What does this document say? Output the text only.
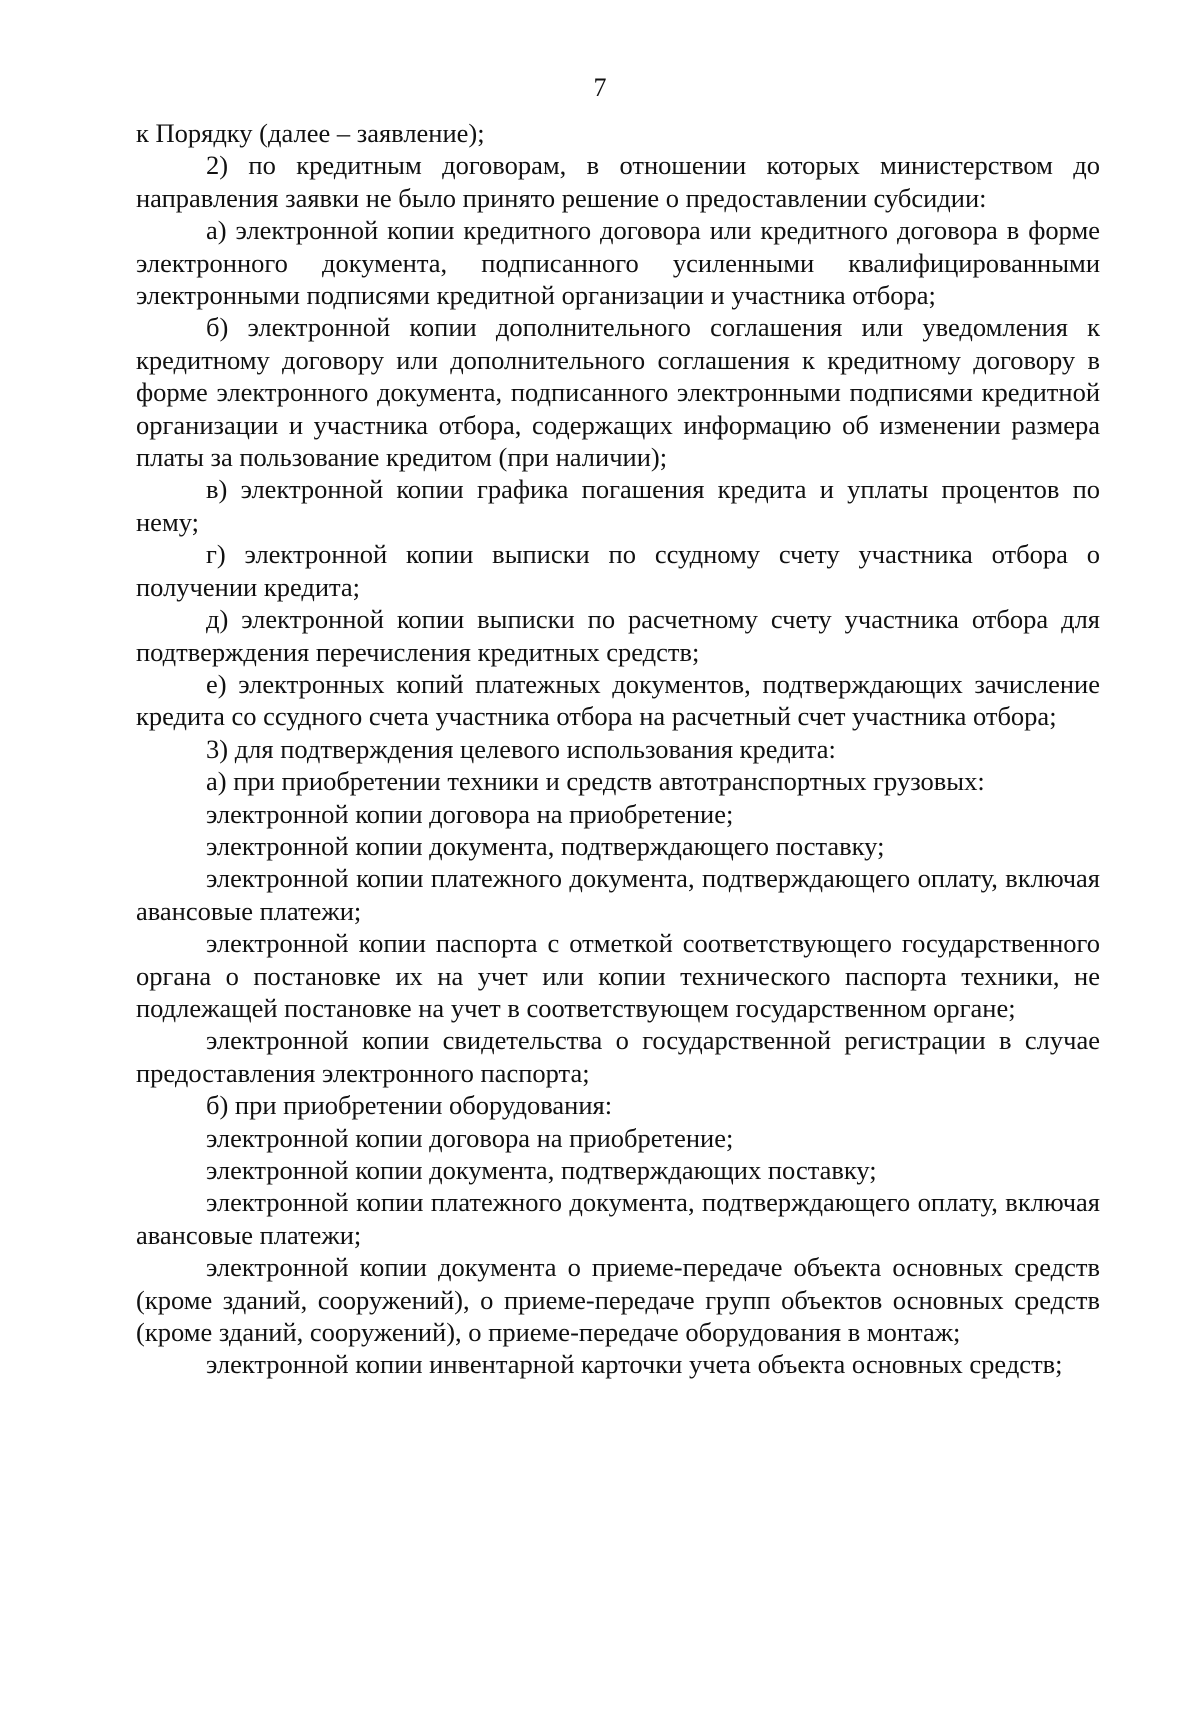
7

к Порядку (далее – заявление);

2) по кредитным договорам, в отношении которых министерством до направления заявки не было принято решение о предоставлении субсидии:

а) электронной копии кредитного договора или кредитного договора в форме электронного документа, подписанного усиленными квалифицированными электронными подписями кредитной организации и участника отбора;

б) электронной копии дополнительного соглашения или уведомления к кредитному договору или дополнительного соглашения к кредитному договору в форме электронного документа, подписанного электронными подписями кредитной организации и участника отбора, содержащих информацию об изменении размера платы за пользование кредитом (при наличии);

в) электронной копии графика погашения кредита и уплаты процентов по нему;

г) электронной копии выписки по ссудному счету участника отбора о получении кредита;

д) электронной копии выписки по расчетному счету участника отбора для подтверждения перечисления кредитных средств;

е) электронных копий платежных документов, подтверждающих зачисление кредита со ссудного счета участника отбора на расчетный счет участника отбора;

3) для подтверждения целевого использования кредита:

а) при приобретении техники и средств автотранспортных грузовых:

электронной копии договора на приобретение;

электронной копии документа, подтверждающего поставку;

электронной копии платежного документа, подтверждающего оплату, включая авансовые платежи;

электронной копии паспорта с отметкой соответствующего государственного органа о постановке их на учет или копии технического паспорта техники, не подлежащей постановке на учет в соответствующем государственном органе;

электронной копии свидетельства о государственной регистрации в случае предоставления электронного паспорта;

б) при приобретении оборудования:

электронной копии договора на приобретение;

электронной копии документа, подтверждающих поставку;

электронной копии платежного документа, подтверждающего оплату, включая авансовые платежи;

электронной копии документа о приеме-передаче объекта основных средств (кроме зданий, сооружений), о приеме-передаче групп объектов основных средств (кроме зданий, сооружений), о приеме-передаче оборудования в монтаж;

электронной копии инвентарной карточки учета объекта основных средств;
